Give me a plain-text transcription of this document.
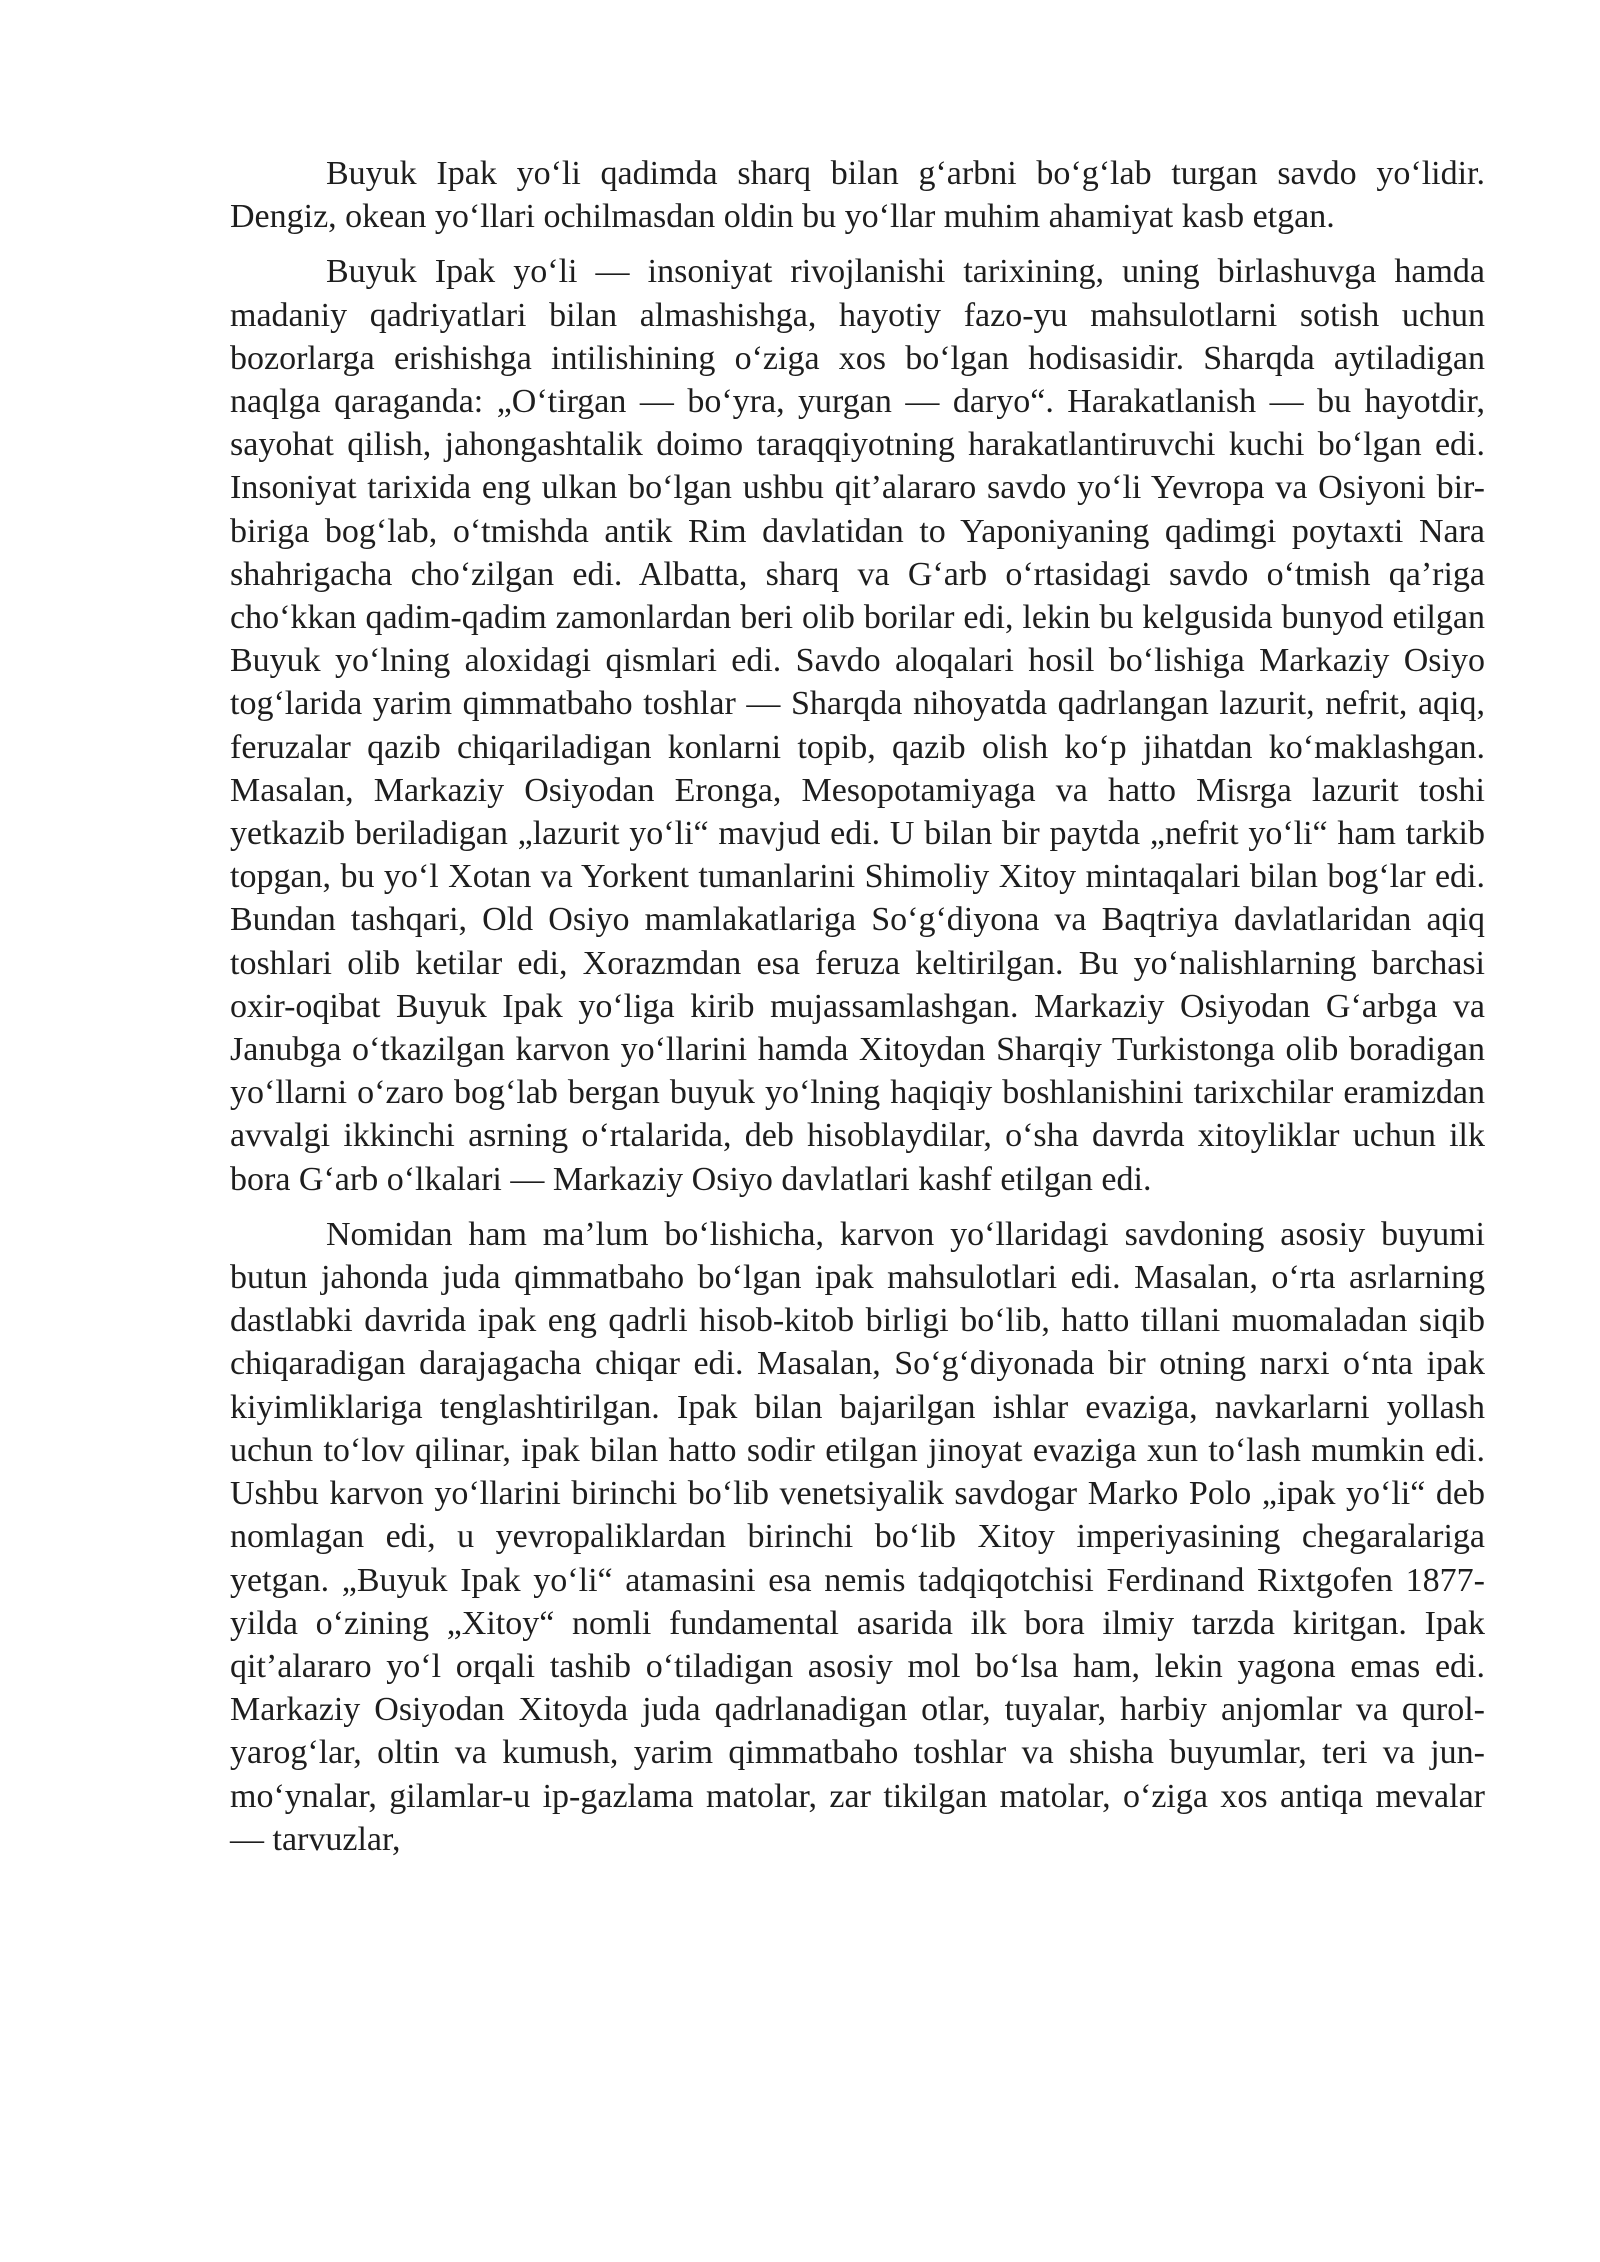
Buyuk Ipak yo‘li qadimda sharq bilan g‘arbni bo‘g‘lab turgan savdo yo‘lidir. Dengiz, okean yo‘llari ochilmasdan oldin bu yo‘llar muhim ahamiyat kasb etgan.

Buyuk Ipak yo‘li — insoniyat rivojlanishi tarixining, uning birlashuvga hamda madaniy qadriyatlari bilan almashishga, hayotiy fazo-yu mahsulotlarni sotish uchun bozorlarga erishishga intilishining o‘ziga xos bo‘lgan hodisasidir. Sharqda aytiladigan naqlga qaraganda: „O‘tirgan — bo‘yra, yurgan — daryo“. Harakatlanish — bu hayotdir, sayohat qilish, jahongashtalik doimo taraqqiyotning harakatlantiruvchi kuchi bo‘lgan edi. Insoniyat tarixida eng ulkan bo‘lgan ushbu qit’alararo savdo yo‘li Yevropa va Osiyoni bir-biriga bog‘lab, o‘tmishda antik Rim davlatidan to Yaponiyaning qadimgi poytaxti Nara shahrigacha cho‘zilgan edi. Albatta, sharq va G‘arb o‘rtasidagi savdo o‘tmish qa’riga cho‘kkan qadim-qadim zamonlardan beri olib borilar edi, lekin bu kelgusida bunyod etilgan Buyuk yo‘lning aloxidagi qismlari edi. Savdo aloqalari hosil bo‘lishiga Markaziy Osiyo tog‘larida yarim qimmatbaho toshlar — Sharqda nihoyatda qadrlangan lazurit, nefrit, aqiq, feruzalar qazib chiqariladigan konlarni topib, qazib olish ko‘p jihatdan ko‘maklashgan. Masalan, Markaziy Osiyodan Eronga, Mesopotamiyaga va hatto Misrga lazurit toshi yetkazib beriladigan „lazurit yo‘li“ mavjud edi. U bilan bir paytda „nefrit yo‘li“ ham tarkib topgan, bu yo‘l Xotan va Yorkent tumanlarini Shimoliy Xitoy mintaqalari bilan bog‘lar edi. Bundan tashqari, Old Osiyo mamlakatlariga So‘g‘diyona va Baqtriya davlatlaridan aqiq toshlari olib ketilar edi, Xorazmdan esa feruza keltirilgan. Bu yo‘nalishlarning barchasi oxir-oqibat Buyuk Ipak yo‘liga kirib mujassamlashgan. Markaziy Osiyodan G‘arbga va Janubga o‘tkazilgan karvon yo‘llarini hamda Xitoydan Sharqiy Turkistonga olib boradigan yo‘llarni o‘zaro bog‘lab bergan buyuk yo‘lning haqiqiy boshlanishini tarixchilar eramizdan avvalgi ikkinchi asrning o‘rtalarida, deb hisoblaydilar, o‘sha davrda xitoyliklar uchun ilk bora G‘arb o‘lkalari — Markaziy Osiyo davlatlari kashf etilgan edi.

Nomidan ham ma’lum bo‘lishicha, karvon yo‘llaridagi savdoning asosiy buyumi butun jahonda juda qimmatbaho bo‘lgan ipak mahsulotlari edi. Masalan, o‘rta asrlarning dastlabki davrida ipak eng qadrli hisob-kitob birligi bo‘lib, hatto tillani muomaladan siqib chiqaradigan darajagacha chiqar edi. Masalan, So‘g‘diyonada bir otning narxi o‘nta ipak kiyimliklariga tenglashtirilgan. Ipak bilan bajarilgan ishlar evaziga, navkarlarni yollash uchun to‘lov qilinar, ipak bilan hatto sodir etilgan jinoyat evaziga xun to‘lash mumkin edi. Ushbu karvon yo‘llarini birinchi bo‘lib venetsiyalik savdogar Marko Polo „ipak yo‘li“ deb nomlagan edi, u yevropaliklardan birinchi bo‘lib Xitoy imperiyasining chegaralariga yetgan. „Buyuk Ipak yo‘li“ atamasini esa nemis tadqiqotchisi Ferdinand Rixtgofen 1877- yilda o‘zining „Xitoy“ nomli fundamental asarida ilk bora ilmiy tarzda kiritgan. Ipak qit’alararo yo‘l orqali tashib o‘tiladigan asosiy mol bo‘lsa ham, lekin yagona emas edi. Markaziy Osiyodan Xitoyda juda qadrlanadigan otlar, tuyalar, harbiy anjomlar va qurol-yarog‘lar, oltin va kumush, yarim qimmatbaho toshlar va shisha buyumlar, teri va jun-mo‘ynalar, gilamlar-u ip-gazlama matolar, zar tikilgan matolar, o‘ziga xos antiqa mevalar — tarvuzlar,
